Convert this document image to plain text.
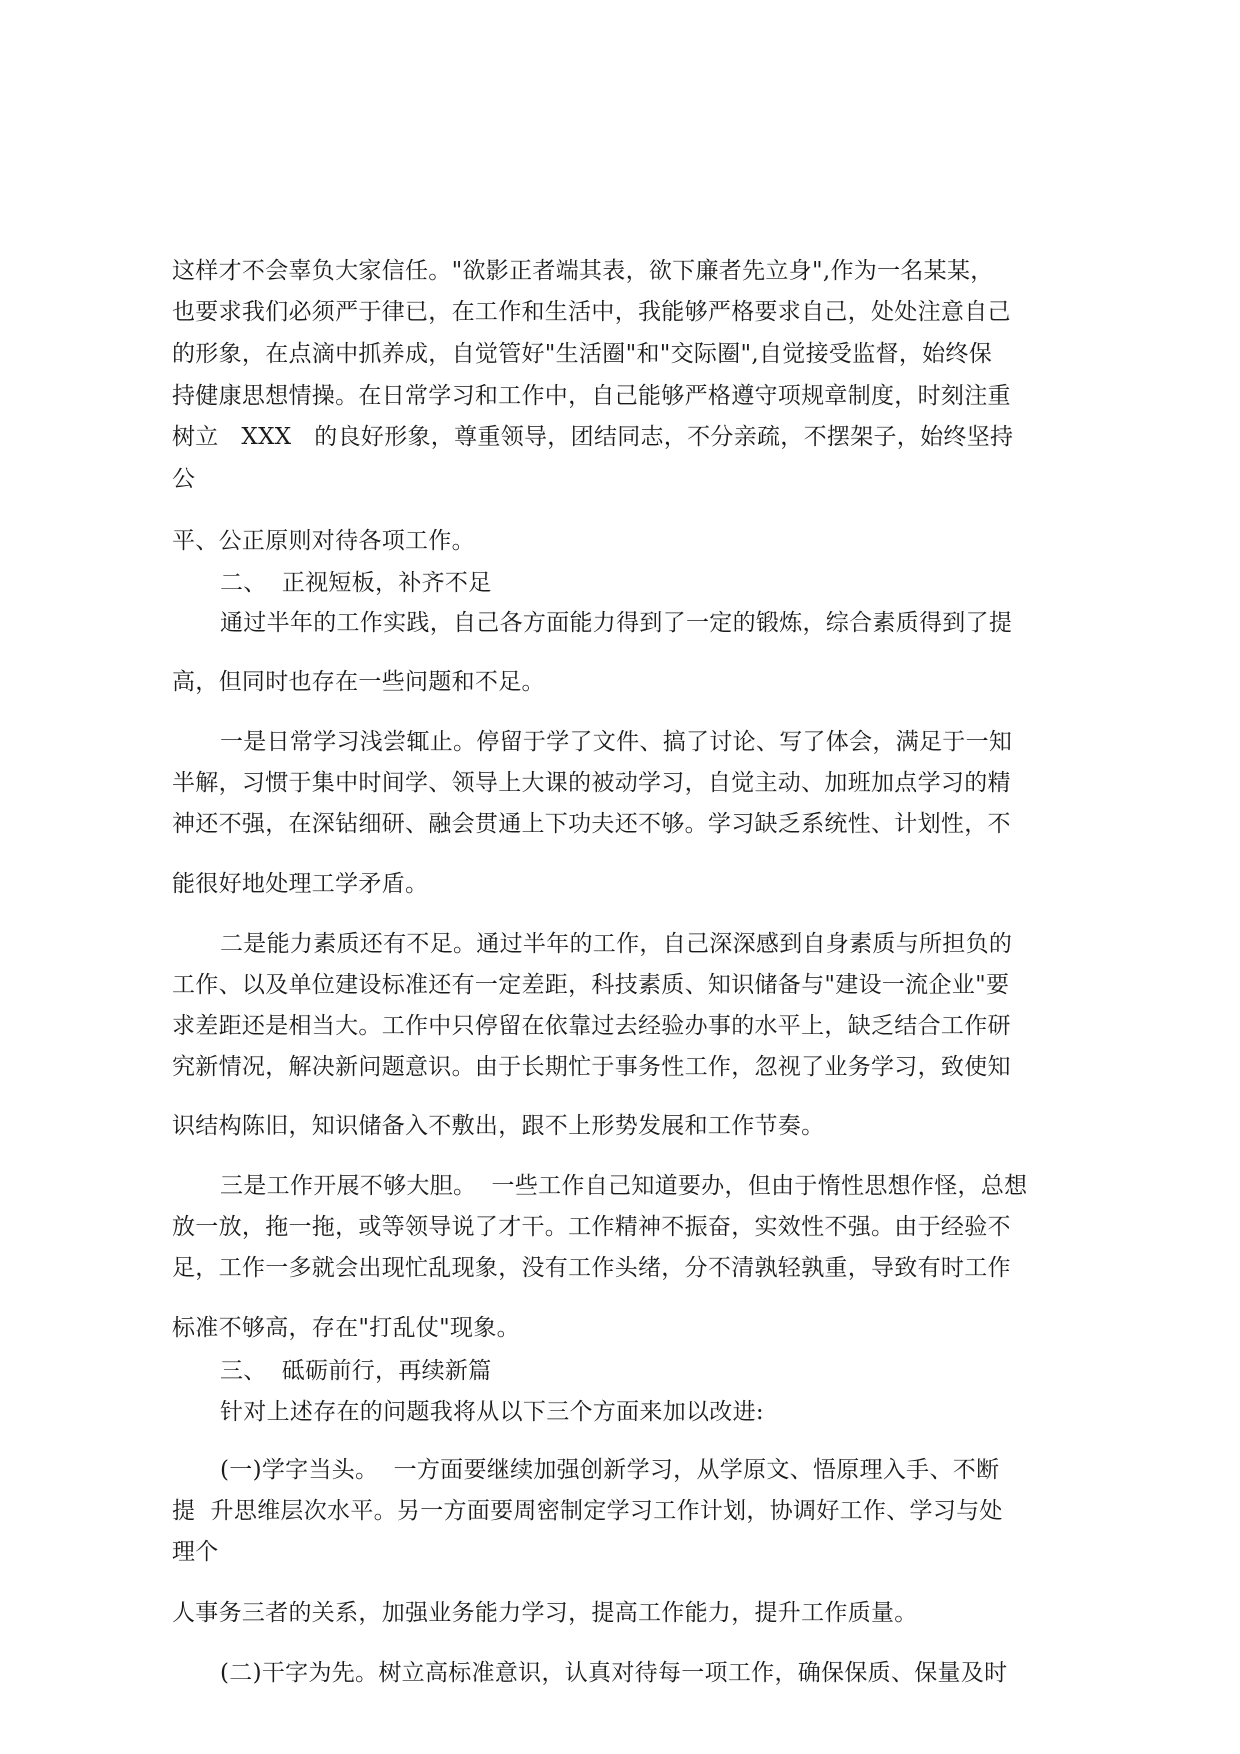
这样才不会辜负大家信任。"欲影正者端其表，欲下廉者先立身",作为一名某某，
也要求我们必须严于律已，在工作和生活中，我能够严格要求自己，处处注意自己
的形象，在点滴中抓养成，自觉管好"生活圈"和"交际圈",自觉接受监督，始终保
持健康思想情操。在日常学习和工作中，自己能够严格遵守项规章制度，时刻注重
树立   XXX   的良好形象，尊重领导，团结同志，不分亲疏，不摆架子，始终坚持
公
平、公正原则对待各项工作。
二、  正视短板，补齐不足
通过半年的工作实践，自己各方面能力得到了一定的锻炼，综合素质得到了提
高，但同时也存在一些问题和不足。
一是日常学习浅尝辄止。停留于学了文件、搞了讨论、写了体会，满足于一知
半解，习惯于集中时间学、领导上大课的被动学习，自觉主动、加班加点学习的精
神还不强，在深钻细研、融会贯通上下功夫还不够。学习缺乏系统性、计划性，不
能很好地处理工学矛盾。
二是能力素质还有不足。通过半年的工作，自己深深感到自身素质与所担负的
工作、以及单位建设标准还有一定差距，科技素质、知识储备与"建设一流企业"要
求差距还是相当大。工作中只停留在依靠过去经验办事的水平上，缺乏结合工作研
究新情况，解决新问题意识。由于长期忙于事务性工作，忽视了业务学习，致使知
识结构陈旧，知识储备入不敷出，跟不上形势发展和工作节奏。
三是工作开展不够大胆。  一些工作自己知道要办，但由于惰性思想作怪，总想
放一放，拖一拖，或等领导说了才干。工作精神不振奋，实效性不强。由于经验不
足，工作一多就会出现忙乱现象，没有工作头绪，分不清孰轻孰重，导致有时工作
标准不够高，存在"打乱仗"现象。
三、  砥砺前行，再续新篇
针对上述存在的问题我将从以下三个方面来加以改进:
(一)学字当头。  一方面要继续加强创新学习，从学原文、悟原理入手、不断
提  升思维层次水平。另一方面要周密制定学习工作计划，协调好工作、学习与处
理个
人事务三者的关系，加强业务能力学习，提高工作能力，提升工作质量。
(二)干字为先。树立高标准意识，认真对待每一项工作，确保保质、保量及时
